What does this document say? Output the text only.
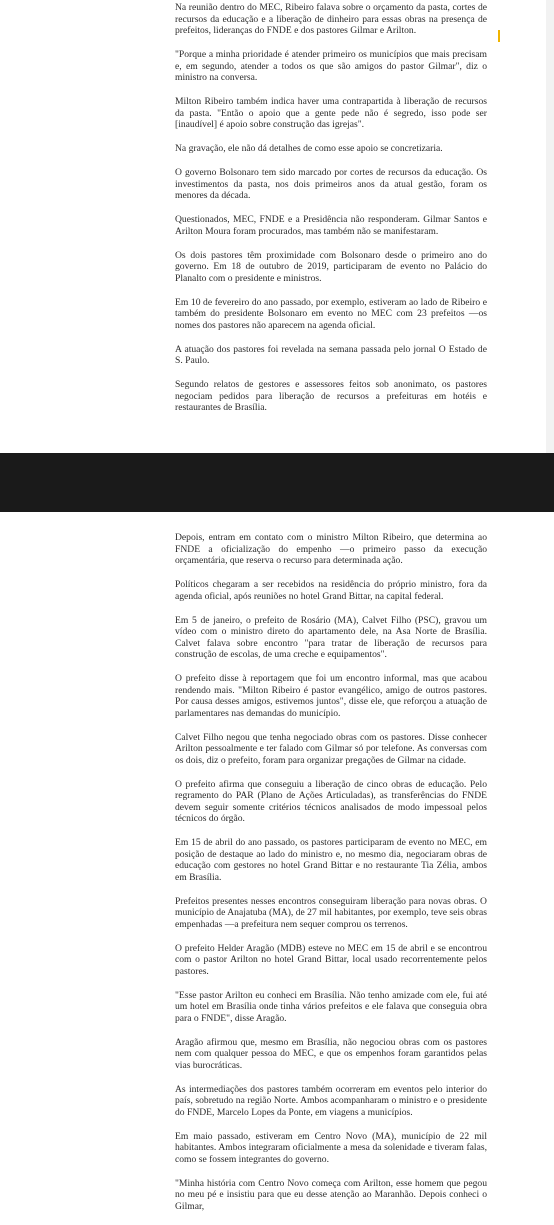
Na reunião dentro do MEC, Ribeiro falava sobre o orçamento da pasta, cortes de recursos da educação e a liberação de dinheiro para essas obras na presença de prefeitos, lideranças do FNDE e dos pastores Gilmar e Arilton.

"Porque a minha prioridade é atender primeiro os municípios que mais precisam e, em segundo, atender a todos os que são amigos do pastor Gilmar", diz o ministro na conversa.

Milton Ribeiro também indica haver uma contrapartida à liberação de recursos da pasta. "Então o apoio que a gente pede não é segredo, isso pode ser [inaudível] é apoio sobre construção das igrejas".

Na gravação, ele não dá detalhes de como esse apoio se concretizaria.

O governo Bolsonaro tem sido marcado por cortes de recursos da educação. Os investimentos da pasta, nos dois primeiros anos da atual gestão, foram os menores da década.

Questionados, MEC, FNDE e a Presidência não responderam. Gilmar Santos e Arilton Moura foram procurados, mas também não se manifestaram.

Os dois pastores têm proximidade com Bolsonaro desde o primeiro ano do governo. Em 18 de outubro de 2019, participaram de evento no Palácio do Planalto com o presidente e ministros.

Em 10 de fevereiro do ano passado, por exemplo, estiveram ao lado de Ribeiro e também do presidente Bolsonaro em evento no MEC com 23 prefeitos —os nomes dos pastores não aparecem na agenda oficial.

A atuação dos pastores foi revelada na semana passada pelo jornal O Estado de S. Paulo.

Segundo relatos de gestores e assessores feitos sob anonimato, os pastores negociam pedidos para liberação de recursos a prefeituras em hotéis e restaurantes de Brasília.

Depois, entram em contato com o ministro Milton Ribeiro, que determina ao FNDE a oficialização do empenho —o primeiro passo da execução orçamentária, que reserva o recurso para determinada ação.

Políticos chegaram a ser recebidos na residência do próprio ministro, fora da agenda oficial, após reuniões no hotel Grand Bittar, na capital federal.

Em 5 de janeiro, o prefeito de Rosário (MA), Calvet Filho (PSC), gravou um vídeo com o ministro direto do apartamento dele, na Asa Norte de Brasília. Calvet falava sobre encontro "para tratar de liberação de recursos para construção de escolas, de uma creche e equipamentos".

O prefeito disse à reportagem que foi um encontro informal, mas que acabou rendendo mais. "Milton Ribeiro é pastor evangélico, amigo de outros pastores. Por causa desses amigos, estivemos juntos", disse ele, que reforçou a atuação de parlamentares nas demandas do município.

Calvet Filho negou que tenha negociado obras com os pastores. Disse conhecer Arilton pessoalmente e ter falado com Gilmar só por telefone. As conversas com os dois, diz o prefeito, foram para organizar pregações de Gilmar na cidade.

O prefeito afirma que conseguiu a liberação de cinco obras de educação. Pelo regramento do PAR (Plano de Ações Articuladas), as transferências do FNDE devem seguir somente critérios técnicos analisados de modo impessoal pelos técnicos do órgão.

Em 15 de abril do ano passado, os pastores participaram de evento no MEC, em posição de destaque ao lado do ministro e, no mesmo dia, negociaram obras de educação com gestores no hotel Grand Bittar e no restaurante Tia Zélia, ambos em Brasília.

Prefeitos presentes nesses encontros conseguiram liberação para novas obras. O município de Anajatuba (MA), de 27 mil habitantes, por exemplo, teve seis obras empenhadas —a prefeitura nem sequer comprou os terrenos.

O prefeito Helder Aragão (MDB) esteve no MEC em 15 de abril e se encontrou com o pastor Arilton no hotel Grand Bittar, local usado recorrentemente pelos pastores.

"Esse pastor Arilton eu conheci em Brasília. Não tenho amizade com ele, fui até um hotel em Brasília onde tinha vários prefeitos e ele falava que conseguia obra para o FNDE", disse Aragão.

Aragão afirmou que, mesmo em Brasília, não negociou obras com os pastores nem com qualquer pessoa do MEC, e que os empenhos foram garantidos pelas vias burocráticas.

As intermediações dos pastores também ocorreram em eventos pelo interior do país, sobretudo na região Norte. Ambos acompanharam o ministro e o presidente do FNDE, Marcelo Lopes da Ponte, em viagens a municípios.

Em maio passado, estiveram em Centro Novo (MA), município de 22 mil habitantes. Ambos integraram oficialmente a mesa da solenidade e tiveram falas, como se fossem integrantes do governo.

"Minha história com Centro Novo começa com Arilton, esse homem que pegou no meu pé e insistiu para que eu desse atenção ao Maranhão. Depois conheci o Gilmar,
